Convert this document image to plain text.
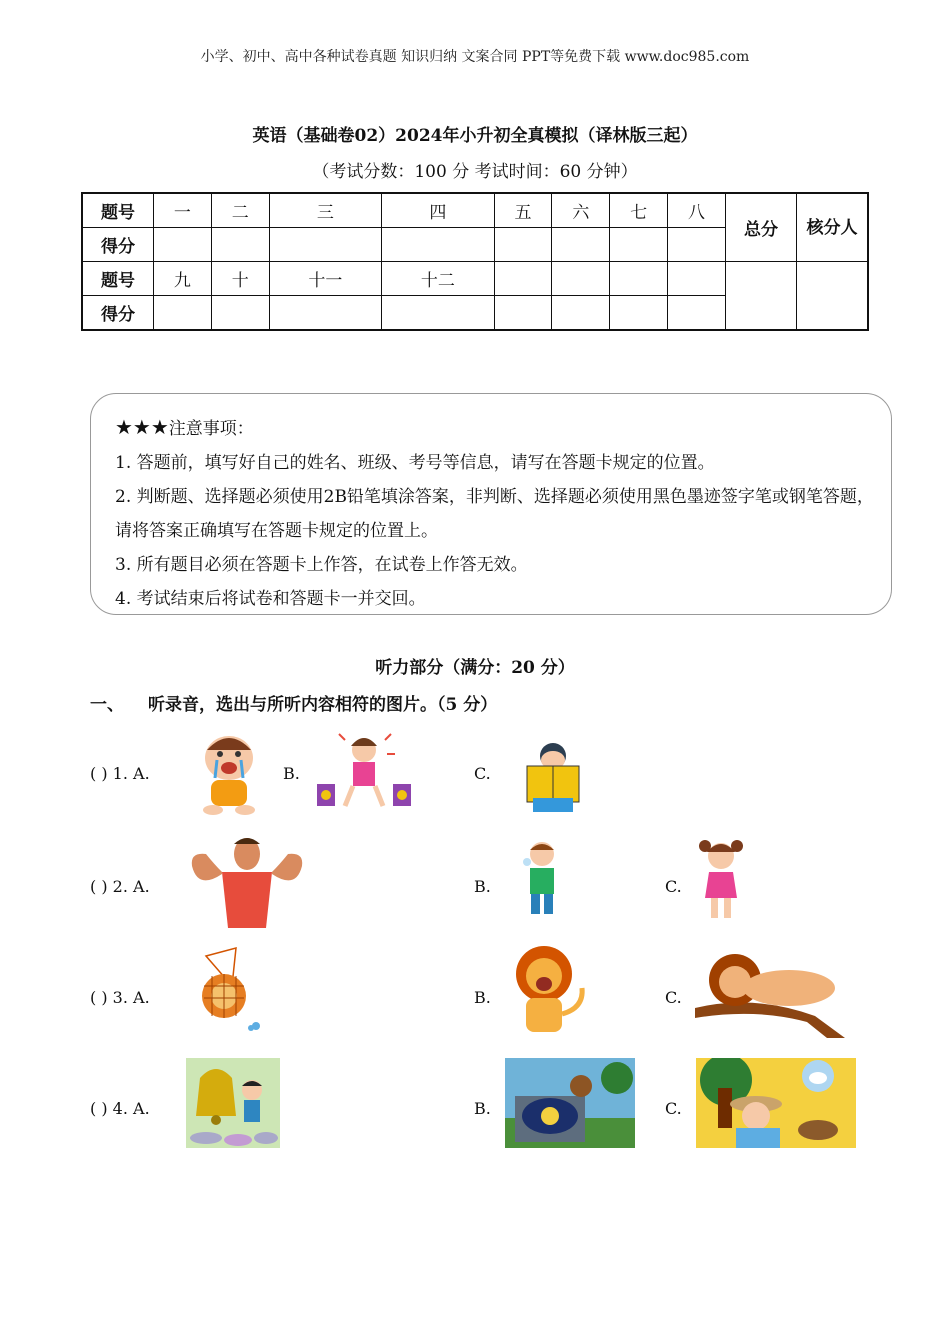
小学、初中、高中各种试卷真题 知识归纳 文案合同 PPT等免费下载 www.doc985.com
英语（基础卷02）2024年小升初全真模拟（译林版三起）
（考试分数：100 分 考试时间：60 分钟）
题号	一	二	三	四	五	六	七	八	总分	核分人
得分										
题号	九	十	十一	十二						
得分										

★★★注意事项：

1. 答题前，填写好自己的姓名、班级、考号等信息，请写在答题卡规定的位置。

2. 判断题、选择题必须使用2B铅笔填涂答案，非判断、选择题必须使用黑色墨迹签字笔或钢笔答题，请将答案正确填写在答题卡规定的位置上。

3. 所有题目必须在答题卡上作答，在试卷上作答无效。

4. 考试结束后将试卷和答题卡一并交回。

听力部分（满分：20 分）
一、 听录音，选出与所听内容相符的图片。（5 分）
( ) 1. A.	B.	C.
( ) 2. A.	B.	C.
( ) 3. A.	B.	C.
( ) 4. A.	B.	C.
